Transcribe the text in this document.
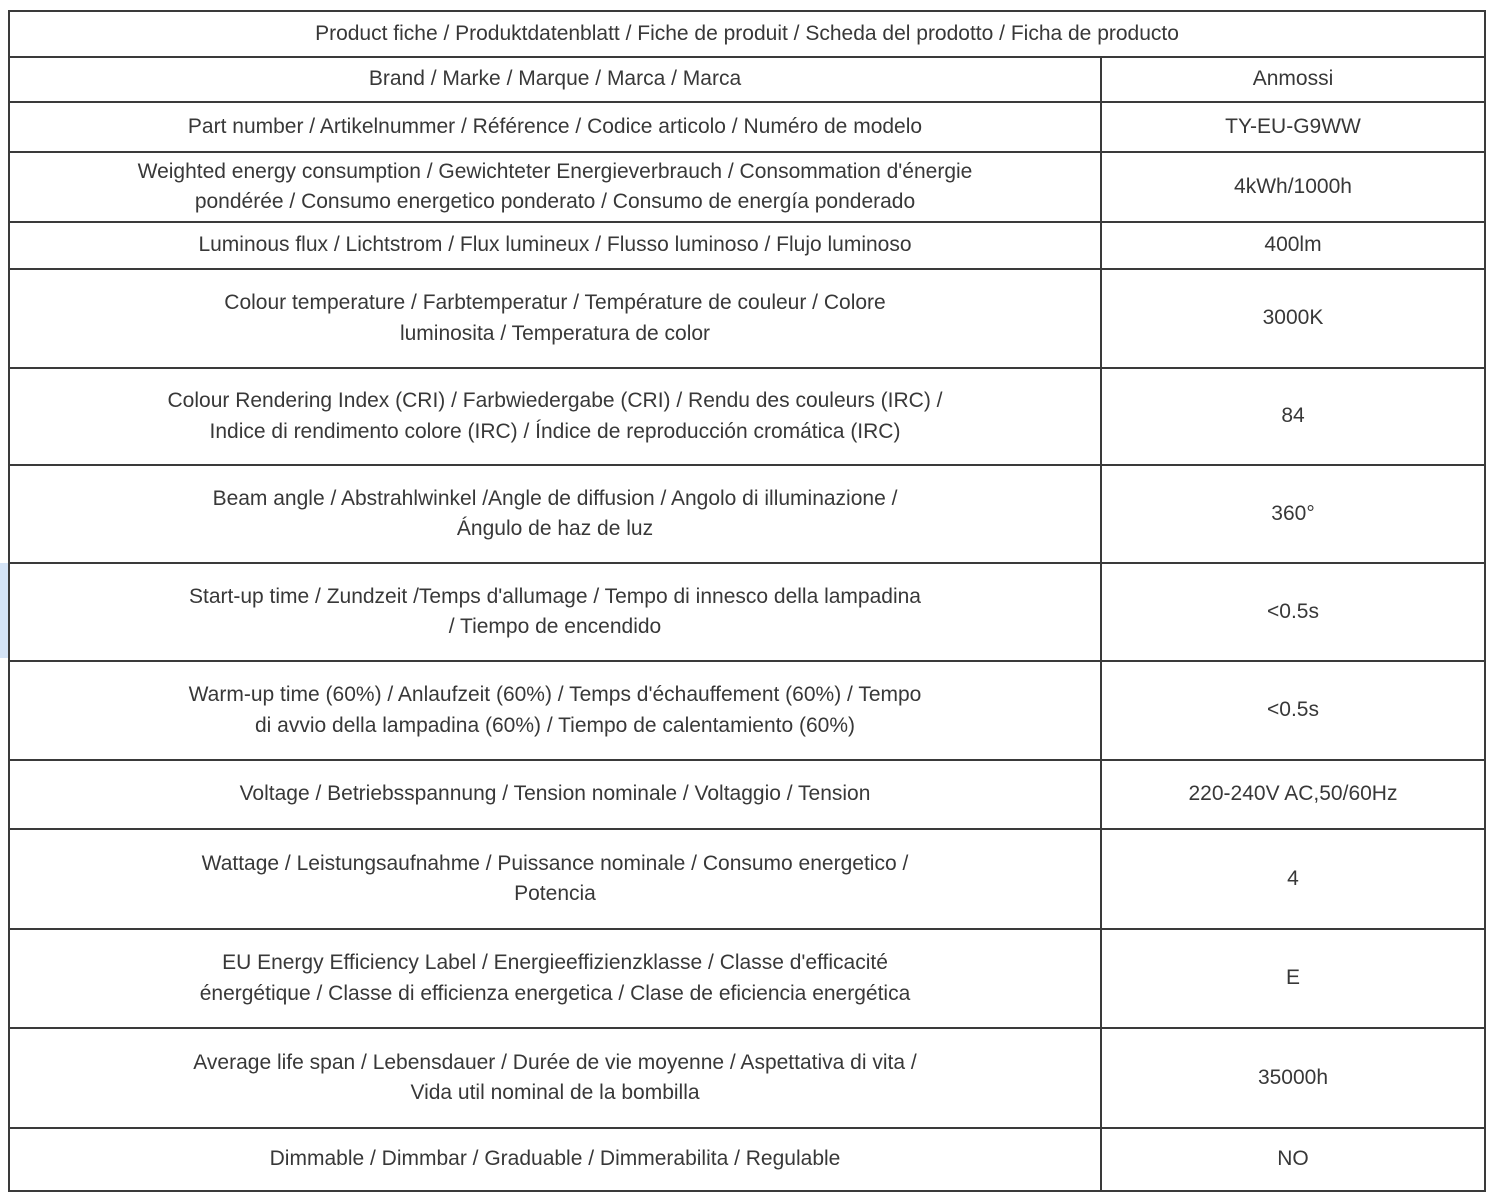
Product fiche / Produktdatenblatt / Fiche de produit / Scheda del prodotto / Ficha de producto	
Brand / Marke / Marque / Marca / Marca	Anmossi
Part number / Artikelnummer / Référence / Codice articolo / Numéro de modelo	TY-EU-G9WW
Weighted energy consumption / Gewichteter Energieverbrauch / Consommation d'énergie
pondérée / Consumo energetico ponderato / Consumo de energía ponderado	4kWh/1000h
Luminous flux / Lichtstrom / Flux lumineux / Flusso luminoso / Flujo luminoso	400lm
Colour temperature / Farbtemperatur / Température de couleur / Colore
luminosita / Temperatura de color	3000K
Colour Rendering Index (CRI) / Farbwiedergabe (CRI) / Rendu des couleurs (IRC) /
Indice di rendimento colore (IRC) / Índice de reproducción cromática (IRC)	84
Beam angle / Abstrahlwinkel /Angle de diffusion / Angolo di illuminazione /
Ángulo de haz de luz	360°
Start-up time / Zundzeit /Temps d'allumage / Tempo di innesco della lampadina
/ Tiempo de encendido	<0.5s
Warm-up time (60%) / Anlaufzeit (60%) / Temps d'échauffement (60%) / Tempo
di avvio della lampadina (60%) / Tiempo de calentamiento (60%)	<0.5s
Voltage / Betriebsspannung / Tension nominale / Voltaggio / Tension	220-240V AC,50/60Hz
Wattage / Leistungsaufnahme / Puissance nominale / Consumo energetico /
Potencia	4
EU Energy Efficiency Label / Energieeffizienzklasse / Classe d'efficacité
énergétique / Classe di efficienza energetica / Clase de eficiencia energética	E
Average life span / Lebensdauer / Durée de vie moyenne / Aspettativa di vita /
Vida util nominal de la bombilla	35000h
Dimmable / Dimmbar / Graduable / Dimmerabilita / Regulable	NO
